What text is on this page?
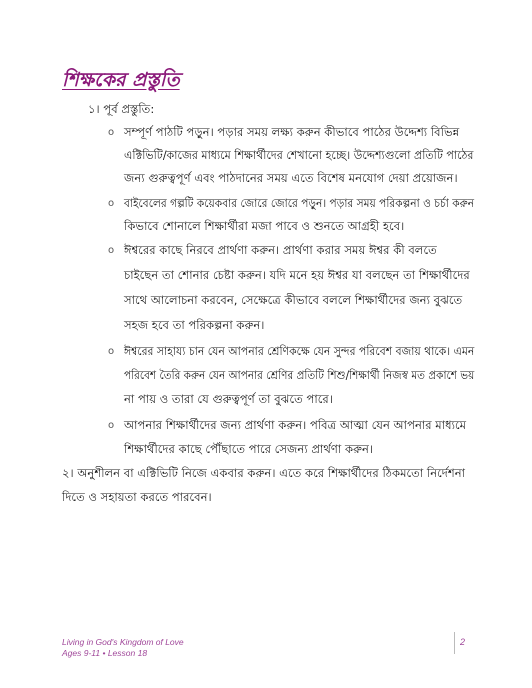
শিক্ষকের প্রস্তুতি
১। পূর্ব প্রস্তুতি:
o সম্পূর্ণ পাঠটি পড়ুন। পড়ার সময় লক্ষ্য করুন কীভাবে পাঠের উদ্দেশ্য বিভিন্ন
এক্টিভিটি/কাজের মাধ্যমে শিক্ষার্থীদের শেখানো হচ্ছে। উদ্দেশ্যগুলো প্রতিটি পাঠের
জন্য গুরুত্বপূর্ণ এবং পাঠদানের সময় এতে বিশেষ মনযোগ দেয়া প্রয়োজন।
o বাইবেলের গল্পটি কয়েকবার জোরে জোরে পড়ুন। পড়ার সময় পরিকল্পনা ও চর্চা করুন
কিভাবে শোনালে শিক্ষার্থীরা মজা পাবে ও শুনতে আগ্রহী হবে।
o ঈশ্বরের কাছে নিরবে প্রার্থণা করুন। প্রার্থণা করার সময় ঈশ্বর কী বলতে
চাইছেন তা শোনার চেষ্টা করুন। যদি মনে হয় ঈশ্বর যা বলছেন তা শিক্ষার্থীদের
সাথে আলোচনা করবেন, সেক্ষেত্রে কীভাবে বললে শিক্ষার্থীদের জন্য বুঝতে
সহজ হবে তা পরিকল্পনা করুন।
o ঈশ্বরের সাহায্য চান যেন আপনার শ্রেণিকক্ষে যেন সুন্দর পরিবেশ বজায় থাকে। এমন
পরিবেশ তৈরি করুন যেন আপনার শ্রেণির প্রতিটি শিশু/শিক্ষার্থী নিজস্ব মত প্রকাশে ভয়
না পায় ও তারা যে গুরুত্বপূর্ণ তা বুঝতে পারে।
o আপনার শিক্ষার্থীদের জন্য প্রার্থণা করুন। পবিত্র আত্মা যেন আপনার মাধ্যমে
শিক্ষার্থীদের কাছে পৌঁছাতে পারে সেজন্য প্রার্থণা করুন।
২। অনুশীলন বা এক্টিভিটি নিজে একবার করুন। এতে করে শিক্ষার্থীদের ঠিকমতো নির্দেশনা
দিতে ও সহায়তা করতে পারবেন।
Living in God's Kingdom of Love
Ages 9-11 • Lesson 18
2
